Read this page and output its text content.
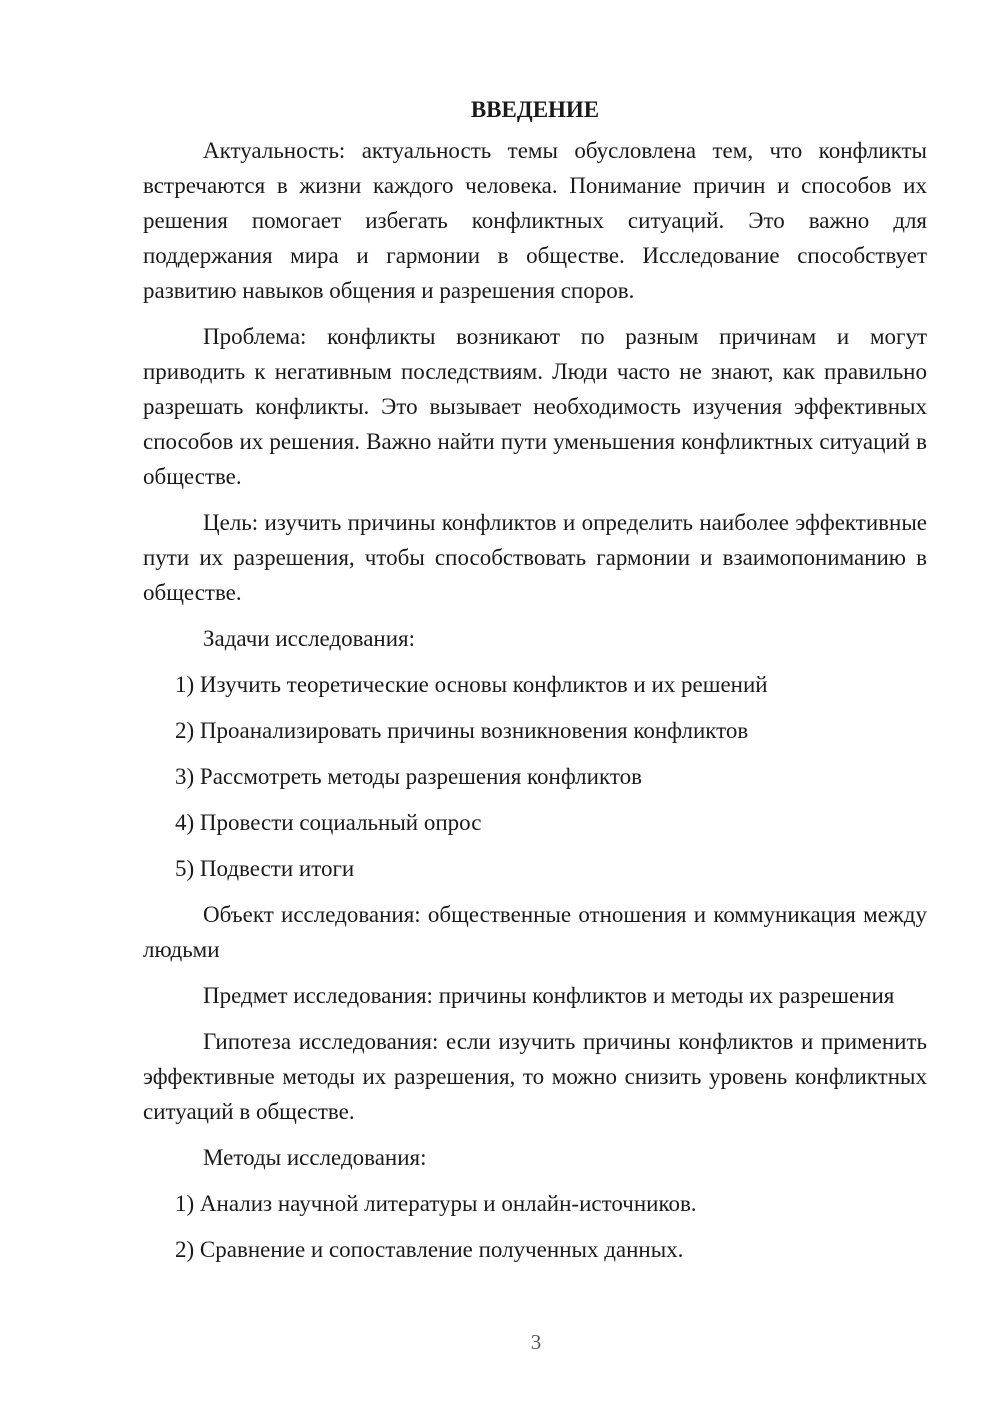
ВВЕДЕНИЕ

Актуальность: актуальность темы обусловлена тем, что конфликты встречаются в жизни каждого человека. Понимание причин и способов их решения помогает избегать конфликтных ситуаций. Это важно для поддержания мира и гармонии в обществе. Исследование способствует развитию навыков общения и разрешения споров.

Проблема: конфликты возникают по разным причинам и могут приводить к негативным последствиям. Люди часто не знают, как правильно разрешать конфликты. Это вызывает необходимость изучения эффективных способов их решения. Важно найти пути уменьшения конфликтных ситуаций в обществе.

Цель: изучить причины конфликтов и определить наиболее эффективные пути их разрешения, чтобы способствовать гармонии и взаимопониманию в обществе.

Задачи исследования:

1) Изучить теоретические основы конфликтов и их решений

2) Проанализировать причины возникновения конфликтов

3) Рассмотреть методы разрешения конфликтов

4) Провести социальный опрос

5) Подвести итоги

Объект исследования: общественные отношения и коммуникация между людьми

Предмет исследования: причины конфликтов и методы их разрешения

Гипотеза исследования: если изучить причины конфликтов и применить эффективные методы их разрешения, то можно снизить уровень конфликтных ситуаций в обществе.

Методы исследования:

1) Анализ научной литературы и онлайн-источников.

2) Сравнение и сопоставление полученных данных.

3
